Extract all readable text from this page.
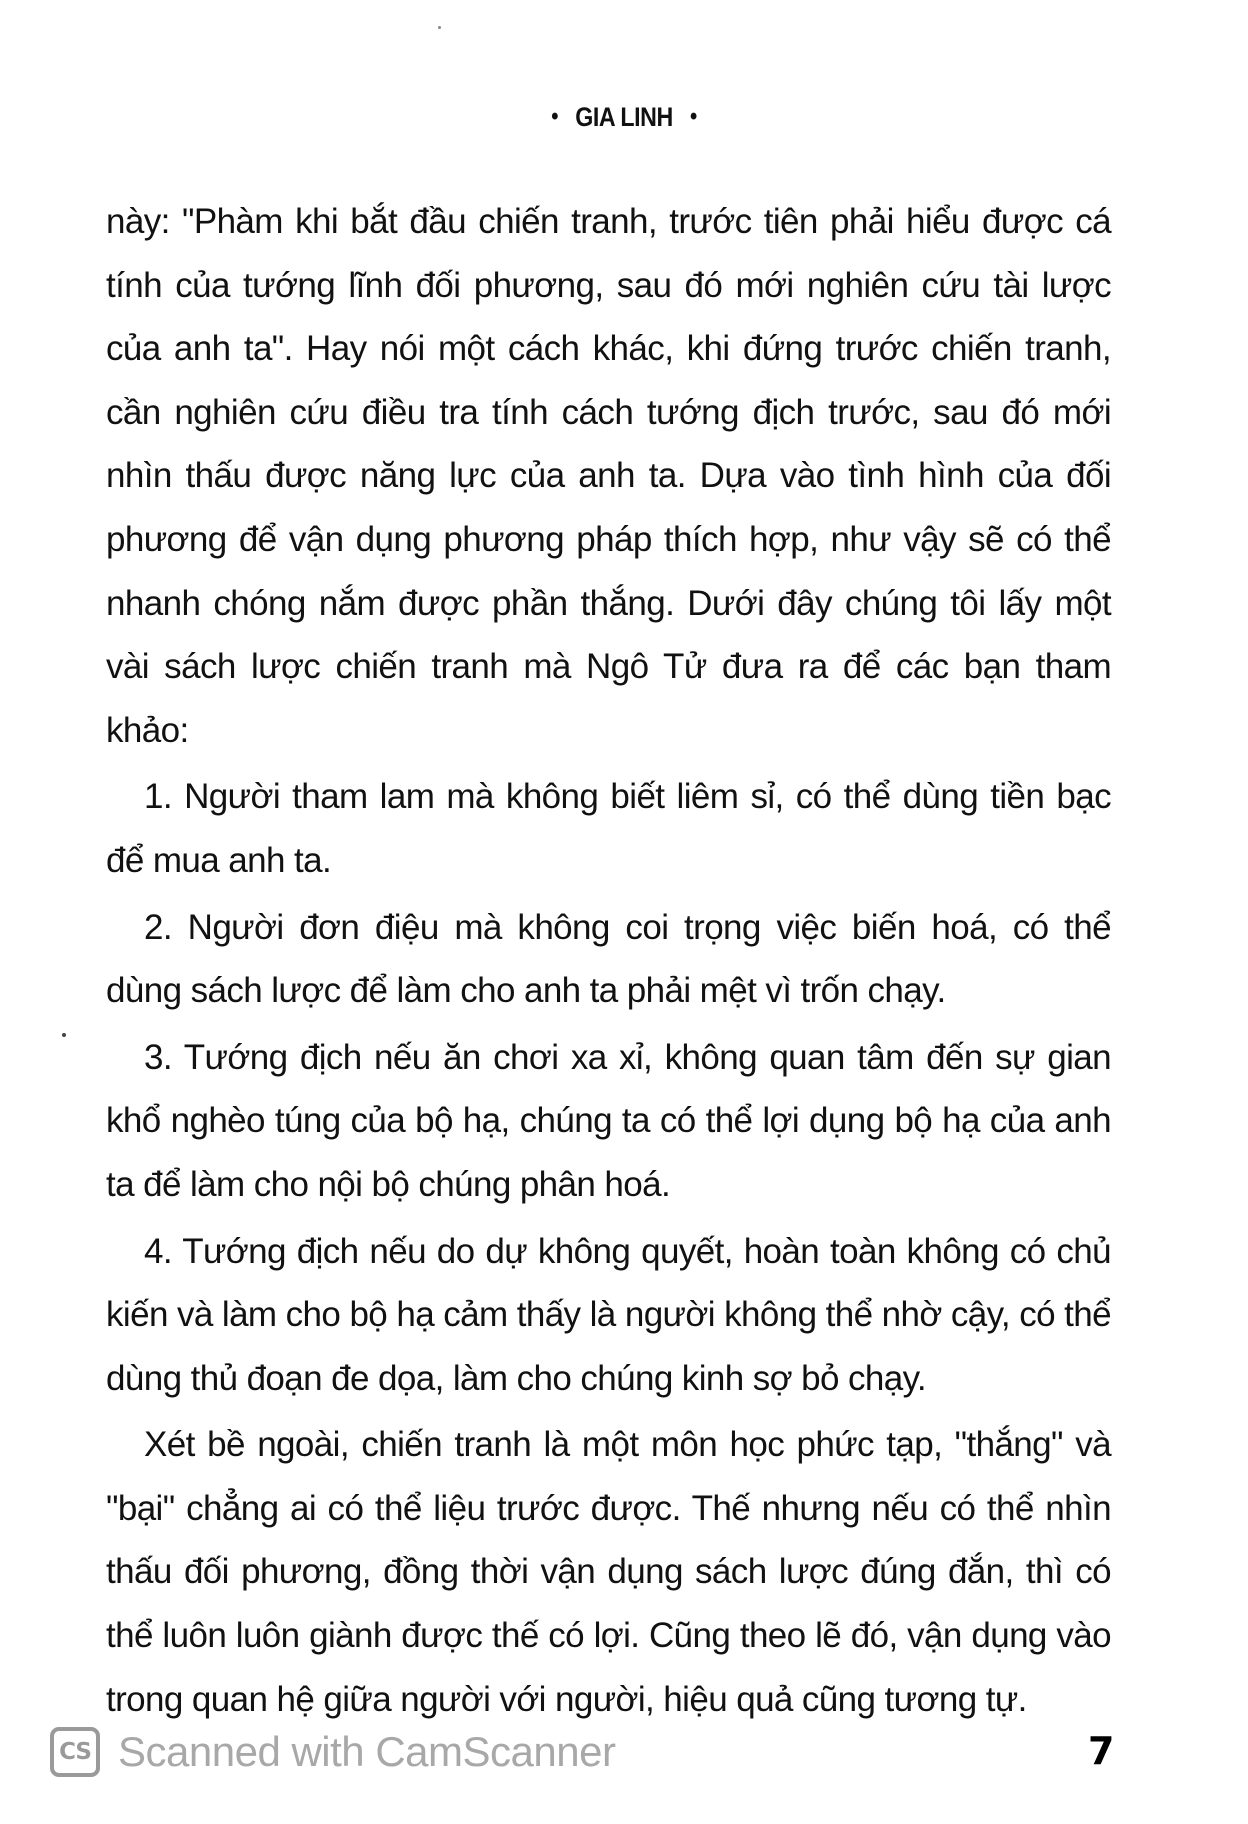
• GIA LINH •

này: "Phàm khi bắt đầu chiến tranh, trước tiên phải hiểu được cá tính của tướng lĩnh đối phương, sau đó mới nghiên cứu tài lược của anh ta". Hay nói một cách khác, khi đứng trước chiến tranh, cần nghiên cứu điều tra tính cách tướng địch trước, sau đó mới nhìn thấu được năng lực của anh ta. Dựa vào tình hình của đối phương để vận dụng phương pháp thích hợp, như vậy sẽ có thể nhanh chóng nắm được phần thắng. Dưới đây chúng tôi lấy một vài sách lược chiến tranh mà Ngô Tử đưa ra để các bạn tham khảo:

1. Người tham lam mà không biết liêm sỉ, có thể dùng tiền bạc để mua anh ta.

2. Người đơn điệu mà không coi trọng việc biến hoá, có thể dùng sách lược để làm cho anh ta phải mệt vì trốn chạy.

3. Tướng địch nếu ăn chơi xa xỉ, không quan tâm đến sự gian khổ nghèo túng của bộ hạ, chúng ta có thể lợi dụng bộ hạ của anh ta để làm cho nội bộ chúng phân hoá.

4. Tướng địch nếu do dự không quyết, hoàn toàn không có chủ kiến và làm cho bộ hạ cảm thấy là người không thể nhờ cậy, có thể dùng thủ đoạn đe dọa, làm cho chúng kinh sợ bỏ chạy.

Xét bề ngoài, chiến tranh là một môn học phức tạp, "thắng" và "bại" chẳng ai có thể liệu trước được. Thế nhưng nếu có thể nhìn thấu đối phương, đồng thời vận dụng sách lược đúng đắn, thì có thể luôn luôn giành được thế có lợi. Cũng theo lẽ đó, vận dụng vào trong quan hệ giữa người với người, hiệu quả cũng tương tự.

CS Scanned with CamScanner	7
